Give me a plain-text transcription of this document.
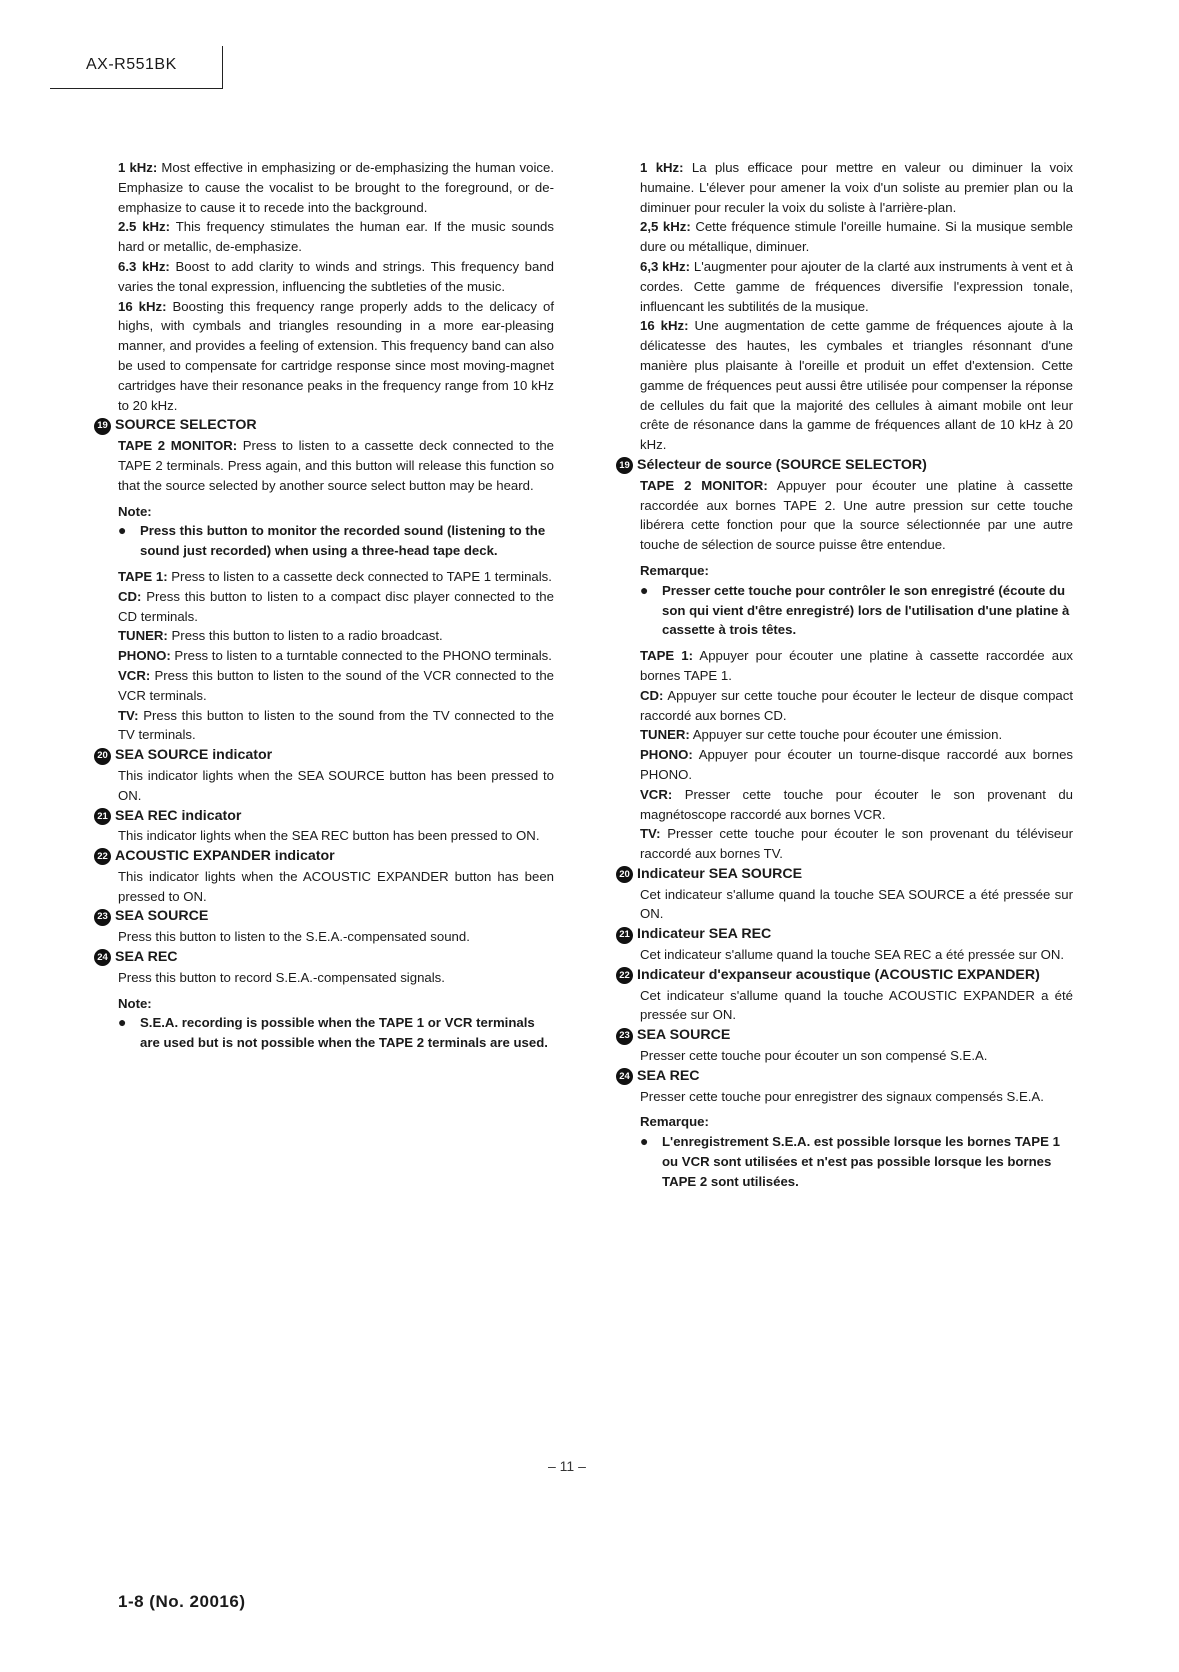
AX-R551BK

1 kHz: Most effective in emphasizing or de-emphasizing the human voice. Emphasize to cause the vocalist to be brought to the foreground, or de-emphasize to cause it to recede into the background.

2.5 kHz: This frequency stimulates the human ear. If the music sounds hard or metallic, de-emphasize.

6.3 kHz: Boost to add clarity to winds and strings. This frequency band varies the tonal expression, influencing the subtleties of the music.

16 kHz: Boosting this frequency range properly adds to the delicacy of highs, with cymbals and triangles resounding in a more ear-pleasing manner, and provides a feeling of extension. This frequency band can also be used to compensate for cartridge response since most moving-magnet cartridges have their resonance peaks in the frequency range from 10 kHz to 20 kHz.

19 SOURCE SELECTOR

TAPE 2 MONITOR: Press to listen to a cassette deck connected to the TAPE 2 terminals. Press again, and this button will release this function so that the source selected by another source select button may be heard.

Note:
●	Press this button to monitor the recorded sound (listening to the sound just recorded) when using a three-head tape deck.

TAPE 1: Press to listen to a cassette deck connected to TAPE 1 terminals.

CD: Press this button to listen to a compact disc player connected to the CD terminals.

TUNER: Press this button to listen to a radio broadcast.

PHONO: Press to listen to a turntable connected to the PHONO terminals.

VCR: Press this button to listen to the sound of the VCR connected to the VCR terminals.

TV: Press this button to listen to the sound from the TV connected to the TV terminals.

20 SEA SOURCE indicator

This indicator lights when the SEA SOURCE button has been pressed to ON.

21 SEA REC indicator

This indicator lights when the SEA REC button has been pressed to ON.

22 ACOUSTIC EXPANDER indicator

This indicator lights when the ACOUSTIC EXPANDER button has been pressed to ON.

23 SEA SOURCE

Press this button to listen to the S.E.A.-compensated sound.

24 SEA REC

Press this button to record S.E.A.-compensated signals.

Note:
●	S.E.A. recording is possible when the TAPE 1 or VCR terminals are used but is not possible when the TAPE 2 terminals are used.

1 kHz: La plus efficace pour mettre en valeur ou diminuer la voix humaine. L'élever pour amener la voix d'un soliste au premier plan ou la diminuer pour reculer la voix du soliste à l'arrière-plan.

2,5 kHz: Cette fréquence stimule l'oreille humaine. Si la musique semble dure ou métallique, diminuer.

6,3 kHz: L'augmenter pour ajouter de la clarté aux instruments à vent et à cordes. Cette gamme de fréquences diversifie l'expression tonale, influencant les subtilités de la musique.

16 kHz: Une augmentation de cette gamme de fréquences ajoute à la délicatesse des hautes, les cymbales et triangles résonnant d'une manière plus plaisante à l'oreille et produit un effet d'extension. Cette gamme de fréquences peut aussi être utilisée pour compenser la réponse de cellules du fait que la majorité des cellules à aimant mobile ont leur crête de résonance dans la gamme de fréquences allant de 10 kHz à 20 kHz.

19 Sélecteur de source (SOURCE SELECTOR)

TAPE 2 MONITOR: Appuyer pour écouter une platine à cassette raccordée aux bornes TAPE 2. Une autre pression sur cette touche libérera cette fonction pour que la source sélectionnée par une autre touche de sélection de source puisse être entendue.

Remarque:
●	Presser cette touche pour contrôler le son enregistré (écoute du son qui vient d'être enregistré) lors de l'utilisation d'une platine à cassette à trois têtes.

TAPE 1: Appuyer pour écouter une platine à cassette raccordée aux bornes TAPE 1.

CD: Appuyer sur cette touche pour écouter le lecteur de disque compact raccordé aux bornes CD.

TUNER: Appuyer sur cette touche pour écouter une émission.

PHONO: Appuyer pour écouter un tourne-disque raccordé aux bornes PHONO.

VCR: Presser cette touche pour écouter le son provenant du magnétoscope raccordé aux bornes VCR.

TV: Presser cette touche pour écouter le son provenant du téléviseur raccordé aux bornes TV.

20 Indicateur SEA SOURCE

Cet indicateur s'allume quand la touche SEA SOURCE a été pressée sur ON.

21 Indicateur SEA REC

Cet indicateur s'allume quand la touche SEA REC a été pressée sur ON.

22 Indicateur d'expanseur acoustique (ACOUSTIC EXPANDER)

Cet indicateur s'allume quand la touche ACOUSTIC EXPANDER a été pressée sur ON.

23 SEA SOURCE

Presser cette touche pour écouter un son compensé S.E.A.

24 SEA REC

Presser cette touche pour enregistrer des signaux compensés S.E.A.

Remarque:
●	L'enregistrement S.E.A. est possible lorsque les bornes TAPE 1 ou VCR sont utilisées et n'est pas possible lorsque les bornes TAPE 2 sont utilisées.
– 11 –
1-8 (No. 20016)
